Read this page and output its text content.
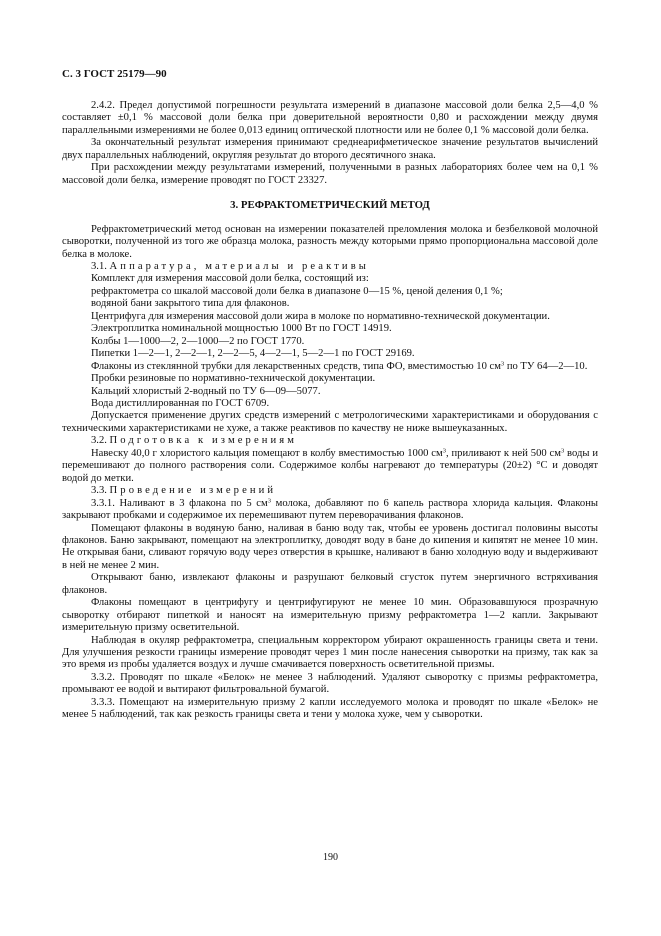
С. 3 ГОСТ 25179—90

2.4.2. Предел допустимой погрешности результата измерений в диапазоне массовой доли белка 2,5—4,0 % составляет ±0,1 % массовой доли белка при доверительной вероятности 0,80 и расхождении между двумя параллельными измерениями не более 0,013 единиц оптической плотности или не более 0,1 % массовой доли белка.

За окончательный результат измерения принимают среднеарифметическое значение результатов вычислений двух параллельных наблюдений, округляя результат до второго десятичного знака.

При расхождении между результатами измерений, полученными в разных лабораториях более чем на 0,1 % массовой доли белка, измерение проводят по ГОСТ 23327.

3. РЕФРАКТОМЕТРИЧЕСКИЙ МЕТОД

Рефрактометрический метод основан на измерении показателей преломления молока и безбелковой молочной сыворотки, полученной из того же образца молока, разность между которыми прямо пропорциональна массовой доле белка в молоке.

3.1. Аппаратура, материалы и реактивы

Комплект для измерения массовой доли белка, состоящий из:

рефрактометра со шкалой массовой доли белка в диапазоне 0—15 %, ценой деления 0,1 %;

водяной бани закрытого типа для флаконов.

Центрифуга для измерения массовой доли жира в молоке по нормативно-технической документации.

Электроплитка номинальной мощностью 1000 Вт по ГОСТ 14919.

Колбы 1—1000—2, 2—1000—2 по ГОСТ 1770.

Пипетки 1—2—1, 2—2—1, 2—2—5, 4—2—1, 5—2—1 по ГОСТ 29169.

Флаконы из стеклянной трубки для лекарственных средств, типа ФО, вместимостью 10 $см^3$ по ТУ 64—2—10.

Пробки резиновые по нормативно-технической документации.

Кальций хлористый 2-водный по ТУ 6—09—5077.

Вода дистиллированная по ГОСТ 6709.

Допускается применение других средств измерений с метрологическими характеристиками и оборудования с техническими характеристиками не хуже, а также реактивов по качеству не ниже вышеуказанных.

3.2. Подготовка к измерениям

Навеску 40,0 г хлористого кальция помещают в колбу вместимостью 1000 $см^3$, приливают к ней 500 $см^3$ воды и перемешивают до полного растворения соли. Содержимое колбы нагревают до температуры (20±2) °С и доводят водой до метки.

3.3. Проведение измерений

3.3.1. Наливают в 3 флакона по 5 $см^3$ молока, добавляют по 6 капель раствора хлорида кальция. Флаконы закрывают пробками и содержимое их перемешивают путем переворачивания флаконов.

Помещают флаконы в водяную баню, наливая в баню воду так, чтобы ее уровень достигал половины высоты флаконов. Баню закрывают, помещают на электроплитку, доводят воду в бане до кипения и кипятят не менее 10 мин. Не открывая бани, сливают горячую воду через отверстия в крышке, наливают в баню холодную воду и выдерживают в ней не менее 2 мин.

Открывают баню, извлекают флаконы и разрушают белковый сгусток путем энергичного встряхивания флаконов.

Флаконы помещают в центрифугу и центрифугируют не менее 10 мин. Образовавшуюся прозрачную сыворотку отбирают пипеткой и наносят на измерительную призму рефрактометра 1—2 капли. Закрывают измерительную призму осветительной.

Наблюдая в окуляр рефрактометра, специальным корректором убирают окрашенность границы света и тени. Для улучшения резкости границы измерение проводят через 1 мин после нанесения сыворотки на призму, так как за это время из пробы удаляется воздух и лучше смачивается поверхность осветительной призмы.

3.3.2. Проводят по шкале «Белок» не менее 3 наблюдений. Удаляют сыворотку с призмы рефрактометра, промывают ее водой и вытирают фильтровальной бумагой.

3.3.3. Помещают на измерительную призму 2 капли исследуемого молока и проводят по шкале «Белок» не менее 5 наблюдений, так как резкость границы света и тени у молока хуже, чем у сыворотки.

190
